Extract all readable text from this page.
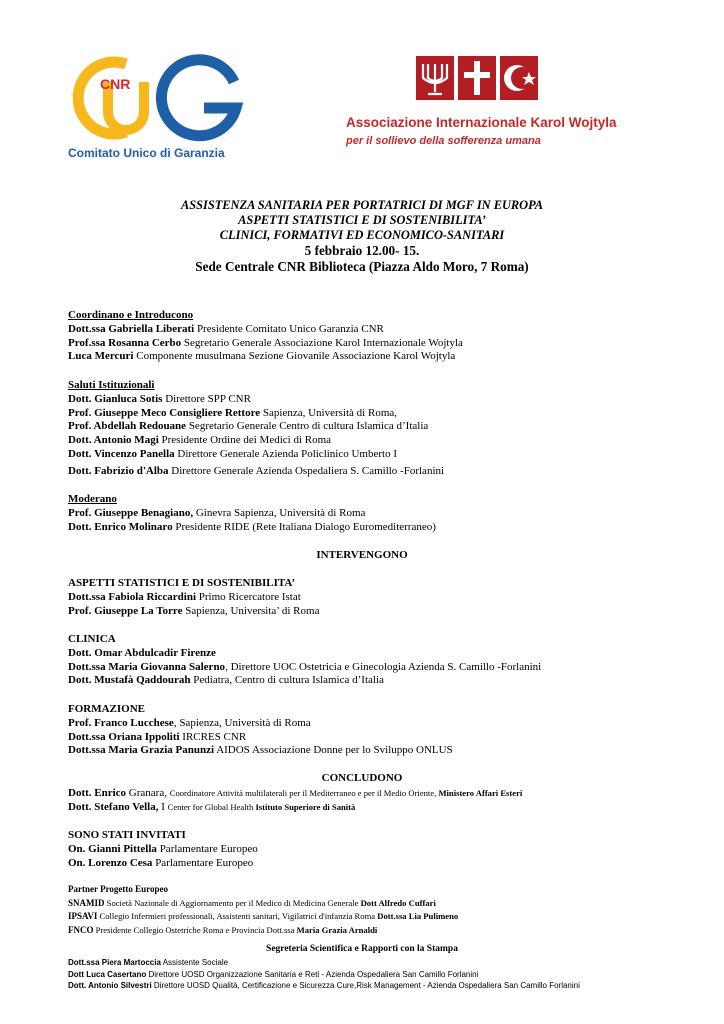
CNR
Comitato Unico di Garanzia
Associazione Internazionale Karol Wojtyla
per il sollievo della sofferenza umana
ASSISTENZA SANITARIA PER PORTATRICI DI MGF IN EUROPA
ASPETTI STATISTICI E DI SOSTENIBILITA’
CLINICI, FORMATIVI ED ECONOMICO-SANITARI
5 febbraio 12.00- 15.
Sede Centrale CNR Biblioteca (Piazza Aldo Moro, 7 Roma)
Coordinano e Introducono
Dott.ssa Gabriella Liberati Presidente Comitato Unico Garanzia CNR
Prof.ssa Rosanna Cerbo Segretario Generale Associazione Karol Internazionale Wojtyla
Luca Mercuri Componente musulmana Sezione Giovanile Associazione Karol Wojtyla
Saluti Istituzionali
Dott. Gianluca Sotis Direttore SPP CNR
Prof. Giuseppe Meco Consigliere Rettore Sapienza, Università di Roma,
Prof. Abdellah Redouane Segretario Generale Centro di cultura Islamica d’Italia
Dott. Antonio Magi Presidente Ordine dei Medici di Roma
Dott. Vincenzo Panella Direttore Generale Azienda Policlinico Umberto I
Dott. Fabrizio d'Alba Direttore Generale Azienda Ospedaliera S. Camillo -Forlanini
Moderano
Prof. Giuseppe Benagiano, Ginevra Sapienza, Università di Roma
Dott. Enrico Molinaro Presidente RIDE (Rete Italiana Dialogo Euromediterraneo)
INTERVENGONO
ASPETTI STATISTICI E DI SOSTENIBILITA’
Dott.ssa Fabiola Riccardini Primo Ricercatore Istat
Prof. Giuseppe La Torre Sapienza, Universita’ di Roma
CLINICA
Dott. Omar Abdulcadir Firenze
Dott.ssa Maria Giovanna Salerno, Direttore UOC Ostetricia e Ginecologia Azienda S. Camillo -Forlanini
Dott. Mustafà Qaddourah Pediatra, Centro di cultura Islamica d’Italia
FORMAZIONE
Prof. Franco Lucchese, Sapienza, Università di Roma
Dott.ssa Oriana Ippoliti IRCRES CNR
Dott.ssa Maria Grazia Panunzi AIDOS Associazione Donne per lo Sviluppo ONLUS
CONCLUDONO
Dott. Enrico Granara, Coordinatore Attività multilaterali per il Mediterraneo e per il Medio Oriente, Ministero Affari Esteri
Dott. Stefano Vella, I Center for Global Health Istituto Superiore di Sanità
SONO STATI INVITATI
On. Gianni Pittella Parlamentare Europeo
On. Lorenzo Cesa Parlamentare Europeo
Partner Progetto Europeo
SNAMID Società Nazionale di Aggiornamento per il Medico di Medicina Generale Dott Alfredo Cuffari
IPSAVI Collegio Infermieri professionali, Assistenti sanitari, Vigilatrici d'infanzia Roma Dott.ssa Lia Pulimeno
FNCO Presidente Collegio Ostetriche Roma e Provincia Dott.ssa Maria Grazia Arnaldi
Segreteria Scientifica e Rapporti con la Stampa
Dott.ssa Piera Martoccia Assistente Sociale
Dott Luca Casertano Direttore UOSD Organizzazione Sanitaria e Reti - Azienda Ospedaliera San Camillo Forlanini
Dott. Antonio Silvestri Direttore UOSD Qualità, Certificazione e Sicurezza Cure,Risk Management - Azienda Ospedaliera San Camillo Forlanini
